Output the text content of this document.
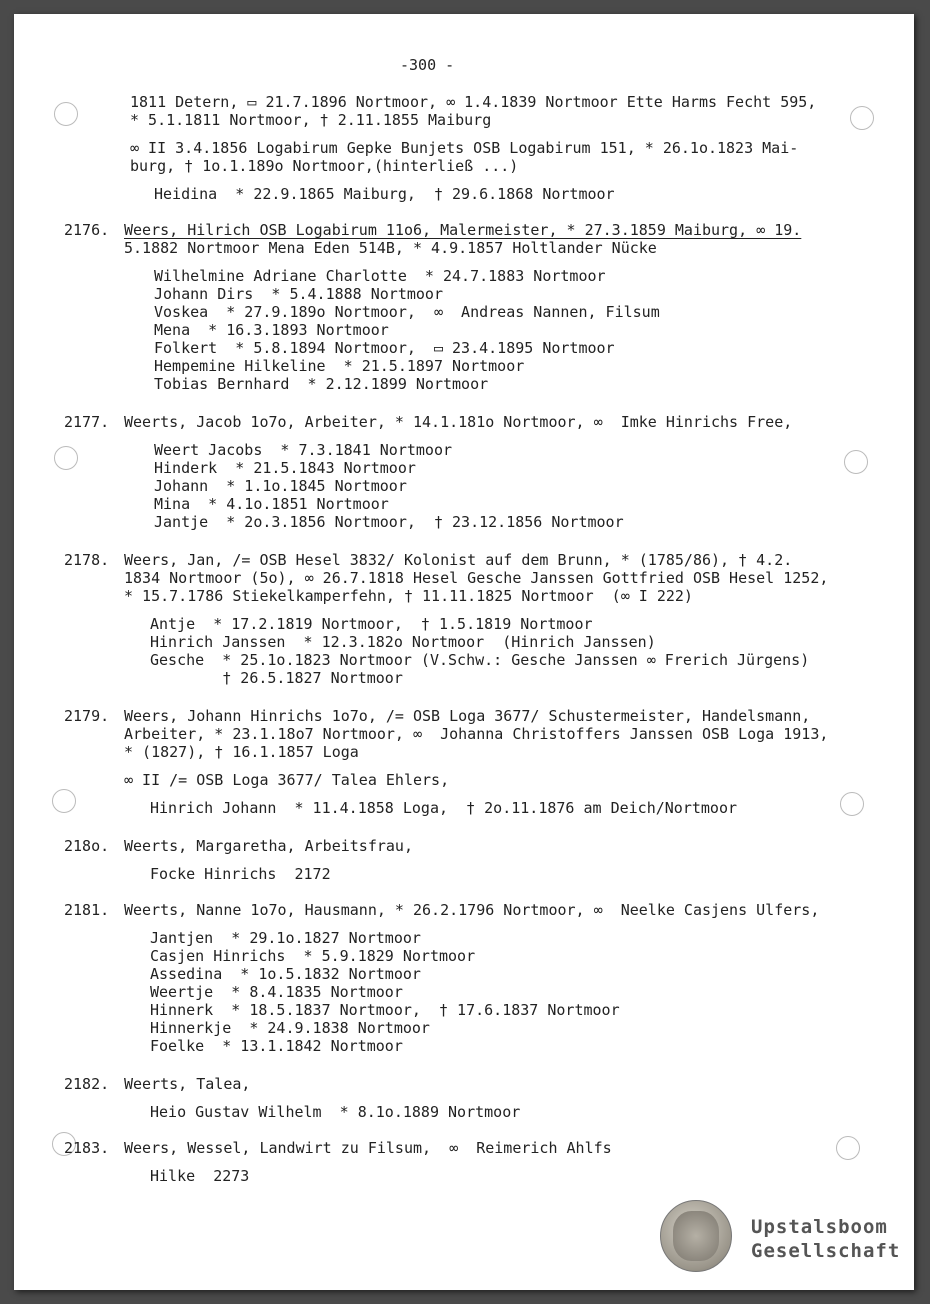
-300 -
1811 Detern, ▭ 21.7.1896 Nortmoor, ∞ 1.4.1839 Nortmoor Ette Harms Fecht 595,
* 5.1.1811 Nortmoor, † 2.11.1855 Maiburg
∞ II 3.4.1856 Logabirum Gepke Bunjets OSB Logabirum 151, * 26.1o.1823 Mai-
burg, † 1o.1.189o Nortmoor,(hinterließ ...)
Heidina  * 22.9.1865 Maiburg,  † 29.6.1868 Nortmoor
2176. Weers, Hilrich OSB Logabirum 11o6, Malermeister, * 27.3.1859 Maiburg, ∞ 19.
5.1882 Nortmoor Mena Eden 514B, * 4.9.1857 Holtlander Nücke
Wilhelmine Adriane Charlotte  * 24.7.1883 Nortmoor
Johann Dirs  * 5.4.1888 Nortmoor
Voskea  * 27.9.189o Nortmoor,  ∞  Andreas Nannen, Filsum
Mena  * 16.3.1893 Nortmoor
Folkert  * 5.8.1894 Nortmoor,  ▭ 23.4.1895 Nortmoor
Hempemine Hilkeline  * 21.5.1897 Nortmoor
Tobias Bernhard  * 2.12.1899 Nortmoor
2177. Weerts, Jacob 1o7o, Arbeiter, * 14.1.181o Nortmoor, ∞  Imke Hinrichs Free,
Weert Jacobs  * 7.3.1841 Nortmoor
Hinderk  * 21.5.1843 Nortmoor
Johann  * 1.1o.1845 Nortmoor
Mina  * 4.1o.1851 Nortmoor
Jantje  * 2o.3.1856 Nortmoor,  † 23.12.1856 Nortmoor
2178. Weers, Jan, /= OSB Hesel 3832/ Kolonist auf dem Brunn, * (1785/86), † 4.2.
1834 Nortmoor (5o), ∞ 26.7.1818 Hesel Gesche Janssen Gottfried OSB Hesel 1252,
* 15.7.1786 Stiekelkamperfehn, † 11.11.1825 Nortmoor  (∞ I 222)
Antje  * 17.2.1819 Nortmoor,  † 1.5.1819 Nortmoor
Hinrich Janssen  * 12.3.182o Nortmoor  (Hinrich Janssen)
Gesche  * 25.1o.1823 Nortmoor (V.Schw.: Gesche Janssen ∞ Frerich Jürgens)
† 26.5.1827 Nortmoor
2179. Weers, Johann Hinrichs 1o7o, /= OSB Loga 3677/ Schustermeister, Handelsmann,
Arbeiter, * 23.1.18o7 Nortmoor, ∞  Johanna Christoffers Janssen OSB Loga 1913,
* (1827), † 16.1.1857 Loga
∞ II /= OSB Loga 3677/ Talea Ehlers,
Hinrich Johann  * 11.4.1858 Loga,  † 2o.11.1876 am Deich/Nortmoor
218o. Weerts, Margaretha, Arbeitsfrau,
Focke Hinrichs  2172
2181. Weerts, Nanne 1o7o, Hausmann, * 26.2.1796 Nortmoor, ∞  Neelke Casjens Ulfers,
Jantjen  * 29.1o.1827 Nortmoor
Casjen Hinrichs  * 5.9.1829 Nortmoor
Assedina  * 1o.5.1832 Nortmoor
Weertje  * 8.4.1835 Nortmoor
Hinnerk  * 18.5.1837 Nortmoor,  † 17.6.1837 Nortmoor
Hinnerkje  * 24.9.1838 Nortmoor
Foelke  * 13.1.1842 Nortmoor
2182. Weerts, Talea,
Heio Gustav Wilhelm  * 8.1o.1889 Nortmoor
2183. Weers, Wessel, Landwirt zu Filsum,  ∞  Reimerich Ahlfs
Hilke  2273
Upstalsboom
Gesellschaft
